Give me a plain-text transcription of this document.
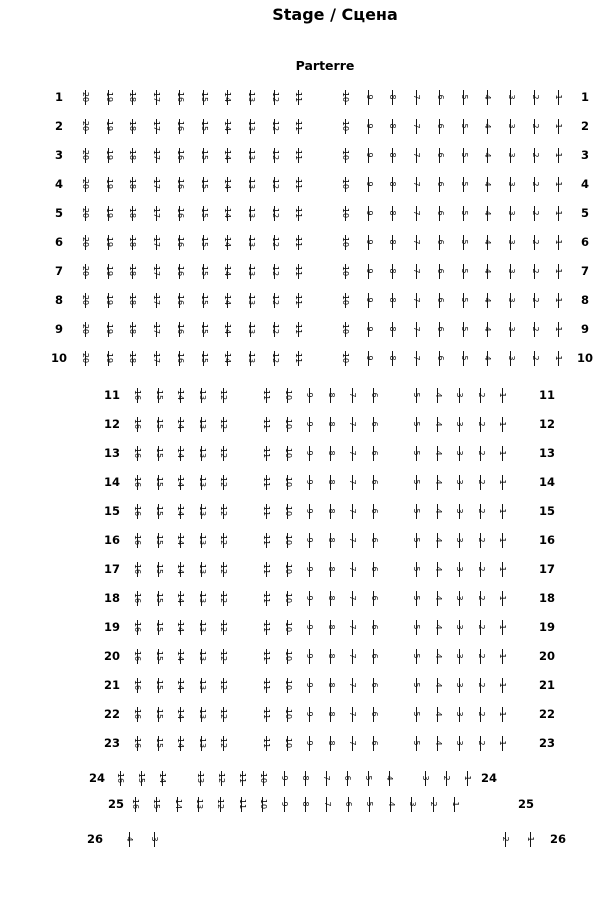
Stage / Сцена
Parterre
1 20 19 18 17 16 15 14 13 12 11	10 9 8 7 6 5 4 3 2 1 1
2 20 19 18 17 16 15 14 13 12 11	10 9 8 7 6 5 4 3 2 1 2
3 20 19 18 17 16 15 14 13 12 11	10 9 8 7 6 5 4 3 2 1 3
4 20 19 18 17 16 15 14 13 12 11	10 9 8 7 6 5 4 3 2 1 4
5 20 19 18 17 16 15 14 13 12 11	10 9 8 7 6 5 4 3 2 1 5
6 20 19 18 17 16 15 14 13 12 11	10 9 8 7 6 5 4 3 2 1 6
7 20 19 18 17 16 15 14 13 12 11	10 9 8 7 6 5 4 3 2 1 7
8 20 19 18 17 16 15 14 13 12 11	10 9 8 7 6 5 4 3 2 1 8
9 20 19 18 17 16 15 14 13 12 11	10 9 8 7 6 5 4 3 2 1 9
10 20 19 18 17 16 15 14 13 12 11	10 9 8 7 6 5 4 3 2 1 10
11 16 15 14 13 12	11 10 9 8 7 6	5 4 3 2 1	11
12 16 15 14 13 12	11 10 9 8 7 6	5 4 3 2 1	12
13 16 15 14 13 12	11 10 9 8 7 6	5 4 3 2 1	13
14 16 15 14 13 12	11 10 9 8 7 6	5 4 3 2 1	14
15 16 15 14 13 12	11 10 9 8 7 6	5 4 3 2 1	15
16 16 15 14 13 12	11 10 9 8 7 6	5 4 3 2 1	16
17 16 15 14 13 12	11 10 9 8 7 6	5 4 3 2 1	17
18 16 15 14 13 12	11 10 9 8 7 6	5 4 3 2 1	18
19 16 15 14 13 12	11 10 9 8 7 6	5 4 3 2 1	19
20 16 15 14 13 12	11 10 9 8 7 6	5 4 3 2 1	20
21 16 15 14 13 12	11 10 9 8 7 6	5 4 3 2 1	21
22 16 15 14 13 12	11 10 9 8 7 6	5 4 3 2 1	22
23 16 15 14 13 12	11 10 9 8 7 6	5 4 3 2 1	23
24 16 15 14	13 12 11 10 9 8 7 6 5 4	3 2 1 24
25 16 15 14 13 12 11 10 9 8 7 6 5 4 3 2 1	25
26	4 3	2 1 26
